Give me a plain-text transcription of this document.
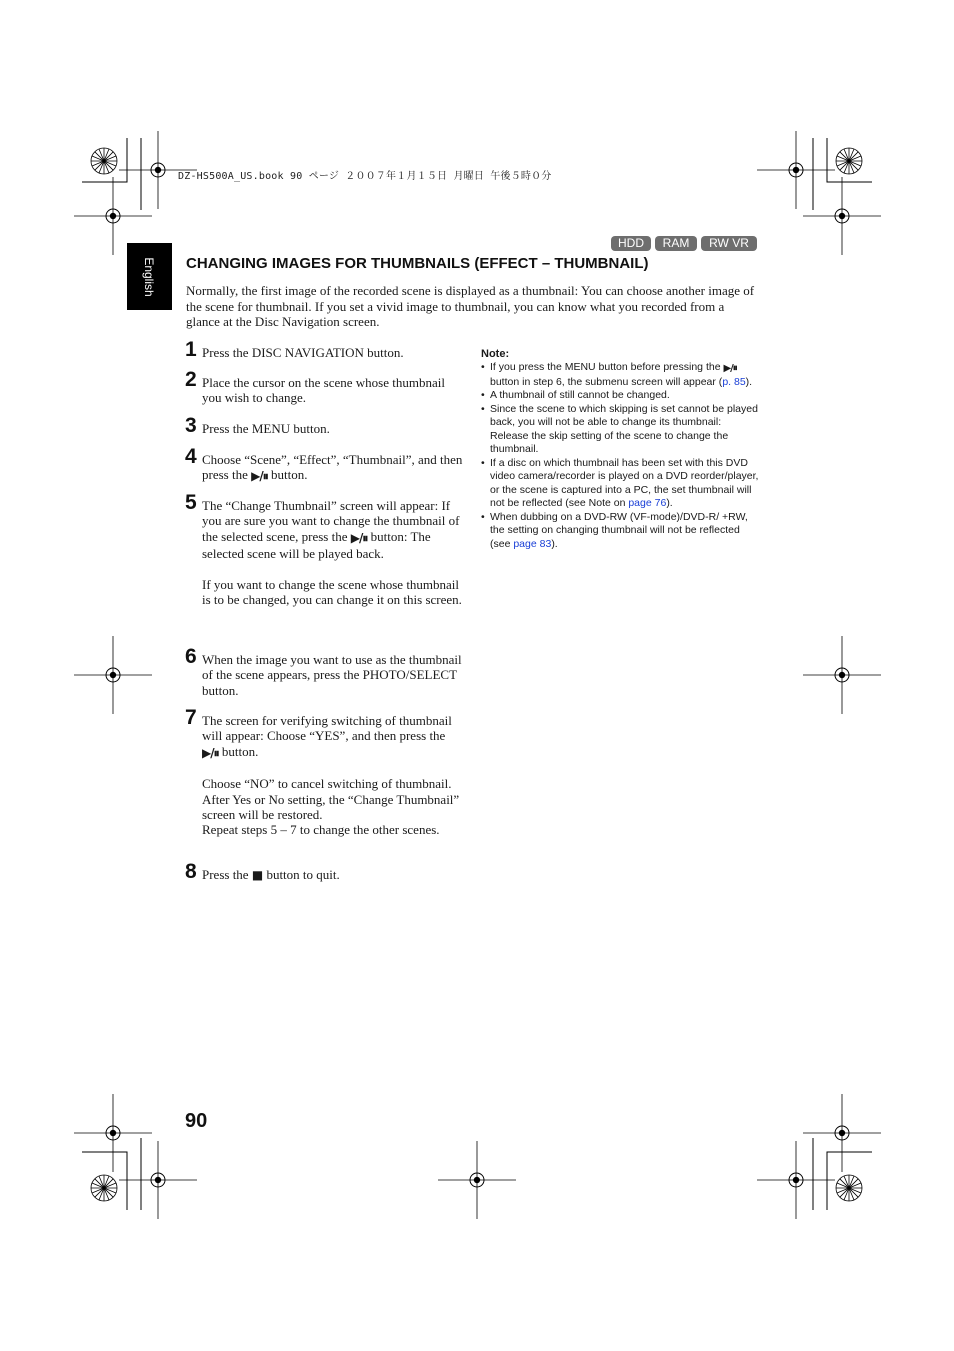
DZ-HS500A_US.book 90 ページ ２００７年１月１５日 月曜日 午後５時０分
English
HDD	RAM	RW VR
CHANGING IMAGES FOR THUMBNAILS (EFFECT – THUMBNAIL)

Normally, the first image of the recorded scene is displayed as a thumbnail: You can choose another image of the scene for thumbnail. If you set a vivid image to thumbnail, you can know what you recorded from a glance at the Disc Navigation screen.

1 Press the DISC NAVIGATION button.

2 Place the cursor on the scene whose thumbnail you wish to change.

3 Press the MENU button.

4 Choose “Scene”, “Effect”, “Thumbnail”, and then press the ▶/⏸ button.

5 The “Change Thumbnail” screen will appear: If you are sure you want to change the thumbnail of the selected scene, press the ▶/⏸ button: The selected scene will be played back.
If you want to change the scene whose thumbnail is to be changed, you can change it on this screen.

6 When the image you want to use as the thumbnail of the scene appears, press the PHOTO/SELECT button.

7 The screen for verifying switching of thumbnail will appear: Choose “YES”, and then press the ▶/⏸ button.
Choose “NO” to cancel switching of thumbnail.
After Yes or No setting, the “Change Thumbnail” screen will be restored.
Repeat steps 5 – 7 to change the other scenes.

8 Press the ■ button to quit.

Note:
• If you press the MENU button before pressing the ▶/⏸ button in step 6, the submenu screen will appear (p. 85).
• A thumbnail of still cannot be changed.
• Since the scene to which skipping is set cannot be played back, you will not be able to change its thumbnail: Release the skip setting of the scene to change the thumbnail.
• If a disc on which thumbnail has been set with this DVD video camera/recorder is played on a DVD reorder/player, or the scene is captured into a PC, the set thumbnail will not be reflected (see Note on page 76).
• When dubbing on a DVD-RW (VF-mode)/DVD-R/ +RW, the setting on changing thumbnail will not be reflected (see page 83).
90
